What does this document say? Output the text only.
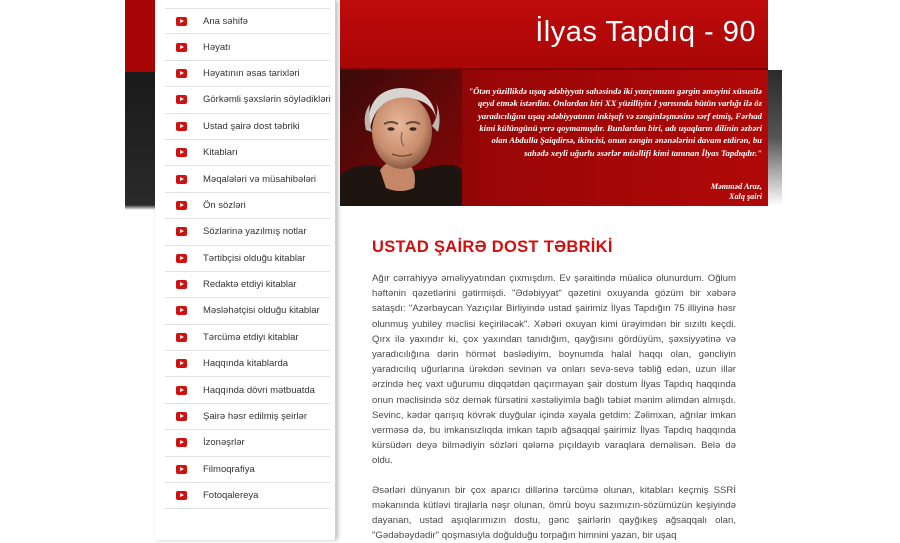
Ana səhifə
Həyatı
Həyatının əsas tarixləri
Görkəmli şəxslərin söylədikləri
Ustad şairə dost təbriki
Kitabları
Məqalələri və müsahibələri
Ön sözləri
Sözlərinə yazılmış notlar
Tərtibçisi olduğu kitablar
Redaktə etdiyi kitablar
Məsləhətçisi olduğu kitablar
Tərcümə etdiyi kitablar
Haqqında kitablarda
Haqqında dövri mətbuatda
Şairə həsr edilmiş şeirlər
İzonəşrlər
Filmoqrafiya
Fotoqalereya
İlyas Tapdıq - 90

"Ötən yüzillikdə uşaq ədəbiyyatı sahəsində iki yazıçımızın gərgin əməyini xüsusilə qeyd etmək istərdim. Onlardan biri XX yüzilliyin I yarısında bütün varlığı ilə öz yaradıcılığını uşaq ədəbiyyatının inkişafı və zənginləşməsinə sərf etmiş, Fərhad kimi külüngünü yerə qoymamışdır. Bunlardan biri, adı uşaqların dilinin əzbəri olan Abdulla Şaiqdirsə, ikincisi, onun zəngin ənənələrini davam etdirən, bu sahədə xeyli uğurlu əsərlər müəllifi kimi tanınan İlyas Tapdıqdır."

Məmməd Araz,
Xalq şairi
USTAD ŞAİRƏ DOST TƏBRİKİ

Ağır cərrahiyyə əməliyyatından çıxmışdım. Ev şəraitində müalicə olunurdum. Oğlum həftənin qəzetlərini gətirmişdi. "Ədəbiyyat" qəzetini oxuyanda gözüm bir xəbərə sataşdı: "Azərbaycan Yazıçılar Birliyində ustad şairimiz İlyas Tapdığın 75 illiyinə həsr olunmuş yubiley məclisi keçiriləcək". Xəbəri oxuyan kimi ürəyimdən bir sızıltı keçdi. Qırx ilə yaxındır ki, çox yaxından tanıdığım, qayğısını gördüyüm, şəxsiyyətinə və yaradıcılığına dərin hörmət bəslədiyim, boynumda halal haqqı olan, gəncliyin yaradıcılıq uğurlarına ürəkdən sevinən və onları sevə-sevə təbliğ edən, uzun illər ərzində heç vaxt uğurumu diqqətdən qaçırmayan şair dostum İlyas Tapdıq haqqında onun məclisində söz demək fürsətini xəstəliyimlə bağlı təbiət mənim əlimdən almışdı. Sevinc, kədər qarışıq kövrək duyğular içində xəyala getdim: Zəlimxan, ağrılar imkan verməsə də, bu imkansızlıqda imkan tapıb ağsaqqal şairimiz İlyas Tapdıq haqqında kürsüdən deyə bilmədiyin sözləri qələmə pıçıldayıb varaqlara deməlisən. Belə də oldu.

Əsərləri dünyanın bir çox aparıcı dillərinə tərcümə olunan, kitabları keçmiş SSRİ məkanında kütləvi tirajlarla nəşr olunan, ömrü boyu sazımızın-sözümüzün keşiyində dayanan, ustad aşıqlarımızın dostu, gənc şairlərin qayğıkeş ağsaqqalı olan, "Gədəbəydədir" qoşmasıyla doğulduğu torpağın himnini yazan, bir uşaq
